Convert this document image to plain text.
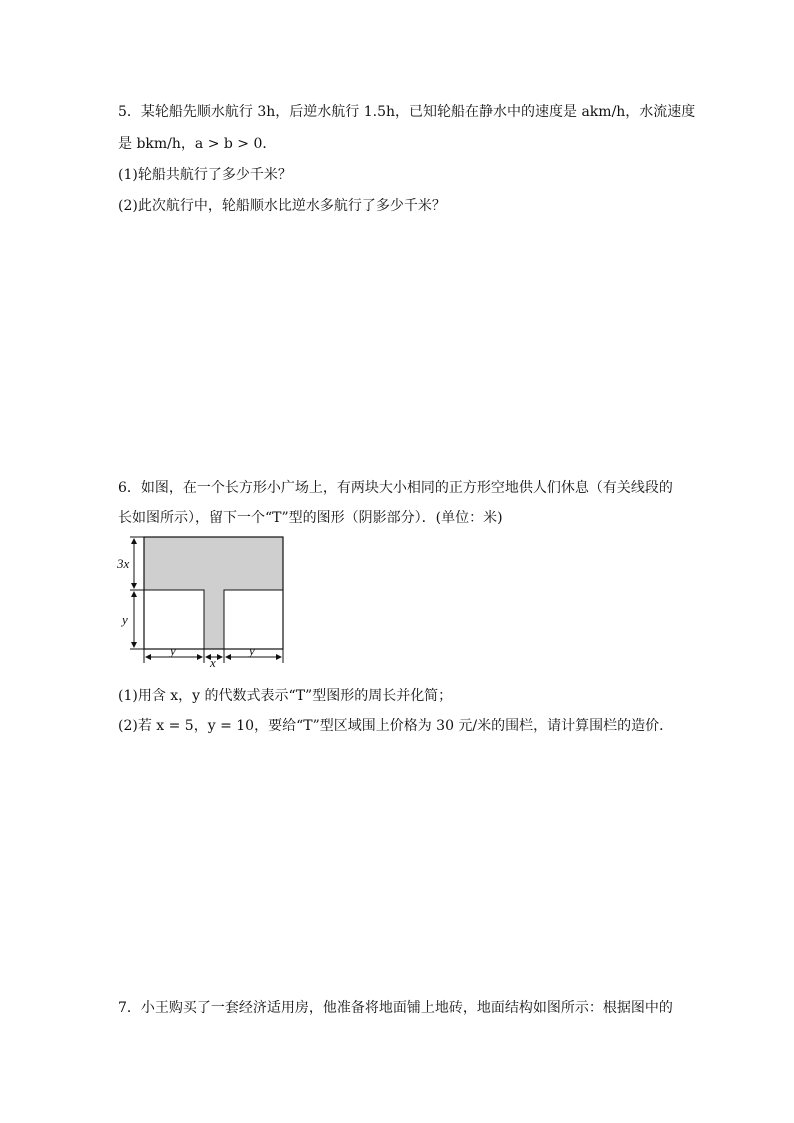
5．某轮船先顺水航行 3h，后逆水航行 1.5h，已知轮船在静水中的速度是 akm/h，水流速度
是 bkm/h，a > b > 0．
(1)轮船共航行了多少千米？
(2)此次航行中，轮船顺水比逆水多航行了多少千米？
6．如图，在一个长方形小广场上，有两块大小相同的正方形空地供人们休息（有关线段的
长如图所示），留下一个“T”型的图形（阴影部分）．(单位：米)
3x
y
y
x
y
(1)用含 x，y 的代数式表示“T”型图形的周长并化简；
(2)若 x = 5，y = 10，要给“T”型区域围上价格为 30 元/米的围栏，请计算围栏的造价．
7．小王购买了一套经济适用房，他准备将地面铺上地砖，地面结构如图所示：根据图中的
